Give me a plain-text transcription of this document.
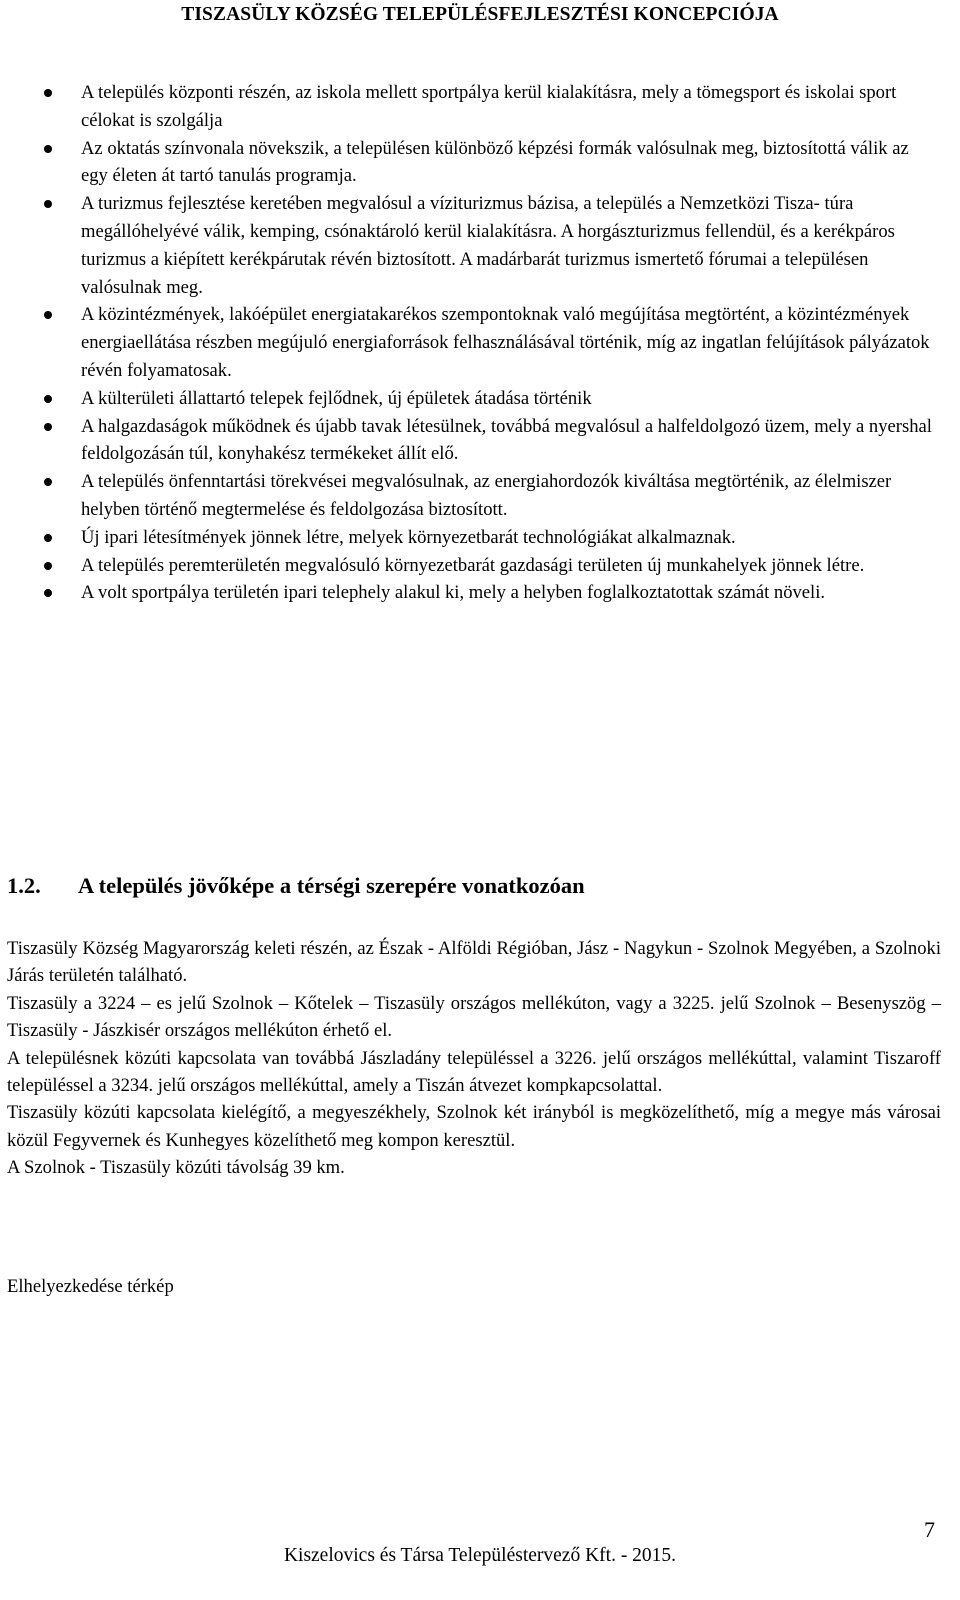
TISZASÜLY KÖZSÉG TELEPÜLÉSFEJLESZTÉSI KONCEPCIÓJA
A település központi részén, az iskola mellett sportpálya kerül kialakításra, mely a tömegsport és iskolai sport célokat is szolgálja
Az oktatás színvonala növekszik, a településen különböző képzési formák valósulnak meg, biztosítottá válik az egy életen át tartó tanulás programja.
A turizmus fejlesztése keretében megvalósul a víziturizmus bázisa, a település a Nemzetközi Tisza- túra megállóhelyévé válik, kemping, csónaktároló kerül kialakításra. A horgászturizmus fellendül, és a kerékpáros turizmus a kiépített kerékpárutak révén biztosított. A madárbarát turizmus ismertető fórumai a településen valósulnak meg.
A közintézmények, lakóépület energiatakarékos szempontoknak való megújítása megtörtént, a közintézmények energiaellátása részben megújuló energiaforrások felhasználásával történik, míg az ingatlan felújítások pályázatok révén folyamatosak.
A külterületi állattartó telepek fejlődnek, új épületek átadása történik
A halgazdaságok működnek és újabb tavak létesülnek, továbbá megvalósul a halfeldolgozó üzem, mely a nyershal feldolgozásán túl, konyhakész termékeket állít elő.
A település önfenntartási törekvései megvalósulnak, az energiahordozók kiváltása megtörténik, az élelmiszer helyben történő megtermelése és feldolgozása biztosított.
Új ipari létesítmények jönnek létre, melyek környezetbarát technológiákat alkalmaznak.
A település peremterületén megvalósuló környezetbarát gazdasági területen új munkahelyek jönnek létre.
A volt sportpálya területén ipari telephely alakul ki, mely a helyben foglalkoztatottak számát növeli.
1.2.	A település jövőképe a térségi szerepére vonatkozóan

Tiszasüly Község Magyarország keleti részén, az Észak - Alföldi Régióban, Jász - Nagykun - Szolnok Megyében, a Szolnoki Járás területén található.

Tiszasüly a 3224 – es jelű Szolnok – Kőtelek – Tiszasüly országos mellékúton, vagy a 3225. jelű Szolnok – Besenyszög – Tiszasüly - Jászkisér országos mellékúton érhető el.

A településnek közúti kapcsolata van továbbá Jászladány településsel a 3226. jelű országos mellékúttal, valamint Tiszaroff településsel a 3234. jelű országos mellékúttal, amely a Tiszán átvezet kompkapcsolattal.

Tiszasüly közúti kapcsolata kielégítő, a megyeszékhely, Szolnok két irányból is megközelíthető, míg a megye más városai közül Fegyvernek és Kunhegyes közelíthető meg kompon keresztül.

A Szolnok - Tiszasüly közúti távolság 39 km.

Elhelyezkedése térkép
7
Kiszelovics és Társa Településtervező Kft. - 2015.
